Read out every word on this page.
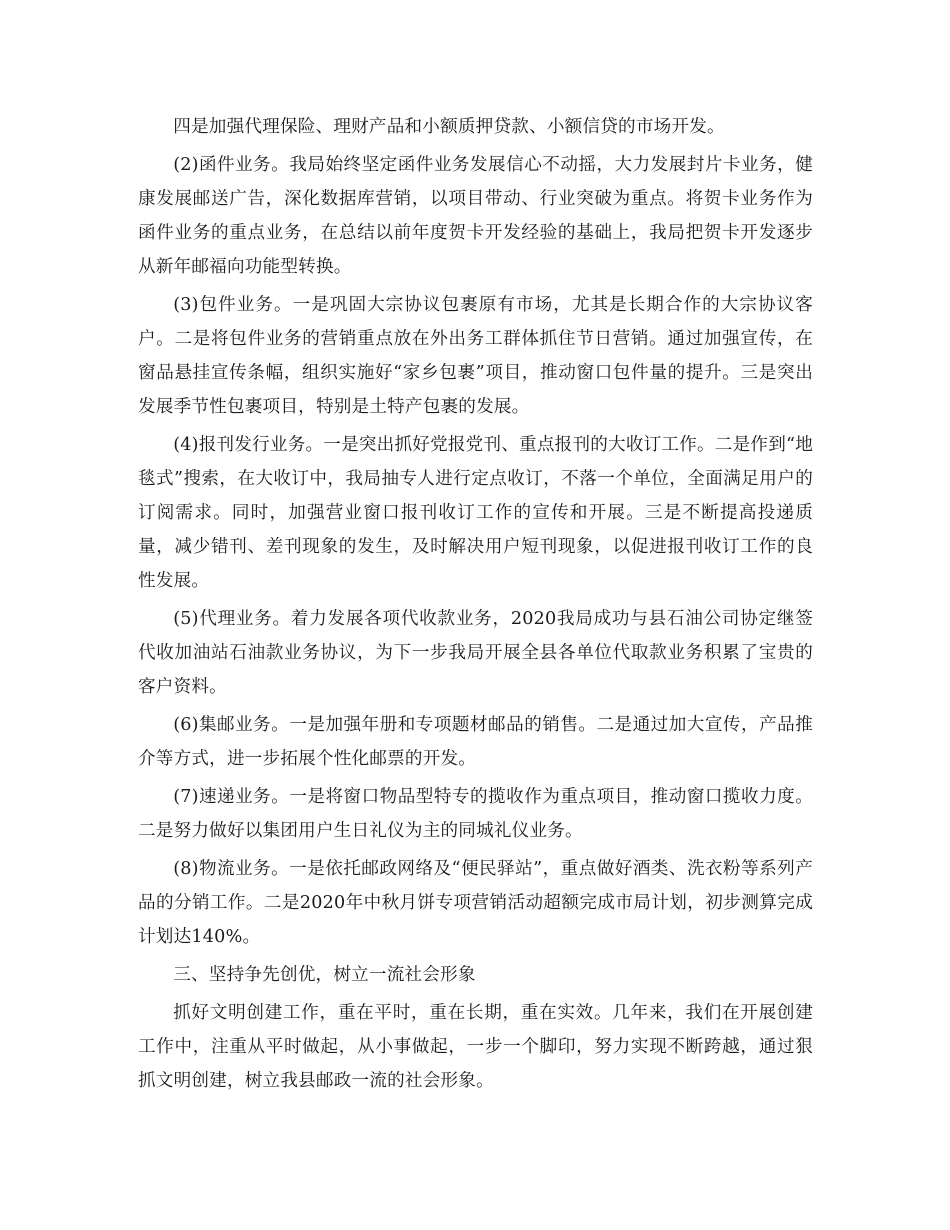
四是加强代理保险、理财产品和小额质押贷款、小额信贷的市场开发。

(2)函件业务。我局始终坚定函件业务发展信心不动摇，大力发展封片卡业务，健康发展邮送广告，深化数据库营销，以项目带动、行业突破为重点。将贺卡业务作为函件业务的重点业务，在总结以前年度贺卡开发经验的基础上，我局把贺卡开发逐步从新年邮福向功能型转换。

(3)包件业务。一是巩固大宗协议包裹原有市场，尤其是长期合作的大宗协议客户。二是将包件业务的营销重点放在外出务工群体抓住节日营销。通过加强宣传，在窗品悬挂宣传条幅，组织实施好“家乡包裹”项目，推动窗口包件量的提升。三是突出发展季节性包裹项目，特别是土特产包裹的发展。

(4)报刊发行业务。一是突出抓好党报党刊、重点报刊的大收订工作。二是作到“地毯式”搜索，在大收订中，我局抽专人进行定点收订，不落一个单位，全面满足用户的订阅需求。同时，加强营业窗口报刊收订工作的宣传和开展。三是不断提高投递质量，减少错刊、差刊现象的发生，及时解决用户短刊现象，以促进报刊收订工作的良性发展。

(5)代理业务。着力发展各项代收款业务，2020我局成功与县石油公司协定继签代收加油站石油款业务协议，为下一步我局开展全县各单位代取款业务积累了宝贵的客户资料。

(6)集邮业务。一是加强年册和专项题材邮品的销售。二是通过加大宣传，产品推介等方式，进一步拓展个性化邮票的开发。

(7)速递业务。一是将窗口物品型特专的揽收作为重点项目，推动窗口揽收力度。二是努力做好以集团用户生日礼仪为主的同城礼仪业务。

(8)物流业务。一是依托邮政网络及“便民驿站”，重点做好酒类、洗衣粉等系列产品的分销工作。二是2020年中秋月饼专项营销活动超额完成市局计划，初步测算完成计划达140%。

三、坚持争先创优，树立一流社会形象

抓好文明创建工作，重在平时，重在长期，重在实效。几年来，我们在开展创建工作中，注重从平时做起，从小事做起，一步一个脚印，努力实现不断跨越，通过狠抓文明创建，树立我县邮政一流的社会形象。
